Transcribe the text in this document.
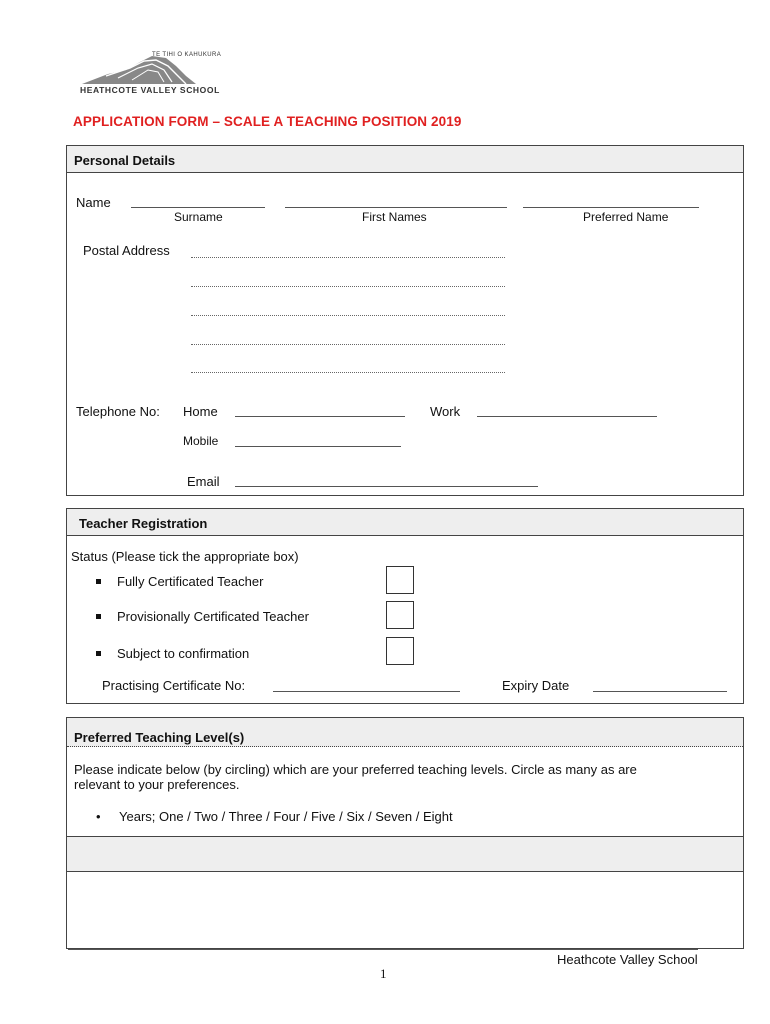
TE TIHI O KAHUKURA
HEATHCOTE VALLEY SCHOOL
APPLICATION FORM – SCALE A TEACHING POSITION 2019
Personal Details
Name
Surname	First Names	Preferred Name
Postal Address
Telephone No: Home	Work
Mobile
Email
Teacher Registration
Status (Please tick the appropriate box)
Fully Certificated Teacher
Provisionally Certificated Teacher
Subject to confirmation
Practising Certificate No:	Expiry Date
Preferred Teaching Level(s)
Please indicate below (by circling) which are your preferred teaching levels. Circle as many as are
relevant to your preferences.
• Years; One / Two / Three / Four / Five / Six / Seven / Eight
Heathcote Valley School
1
